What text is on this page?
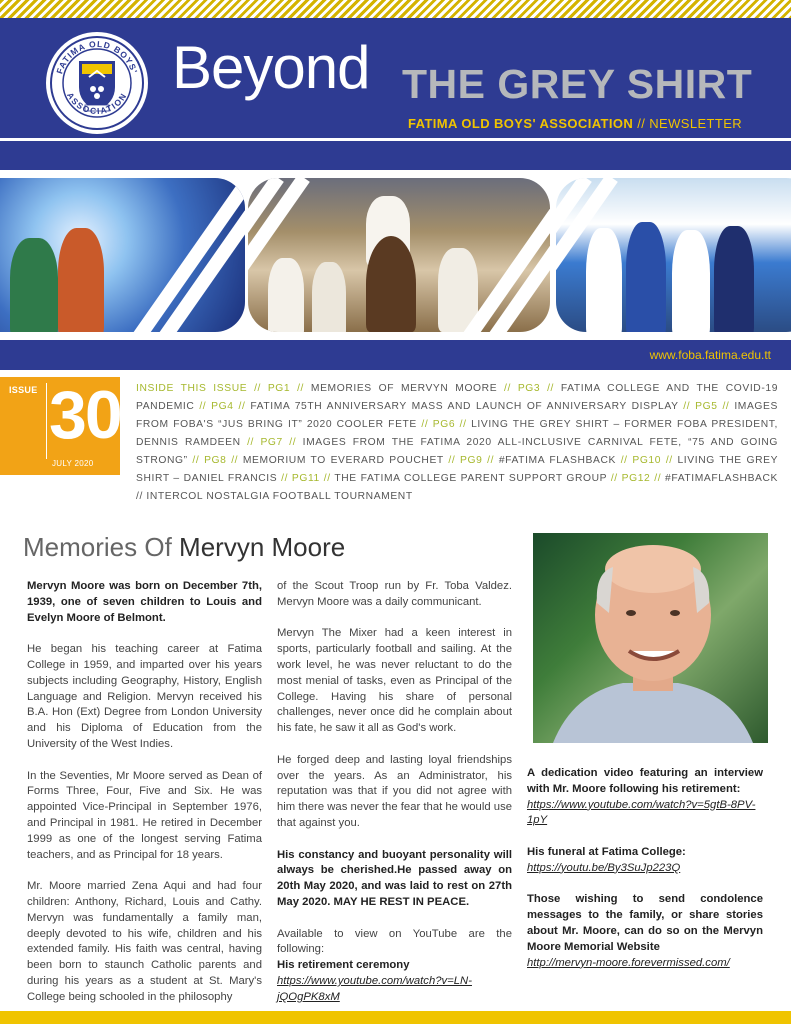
FATIMA OLD BOYS'
ASSOCIATION Beyond THE GREY SHIRT
FATIMA OLD BOYS' ASSOCIATION // NEWSLETTER
www.foba.fatima.edu.tt
ISSUE 30
JULY 2020
INSIDE THIS ISSUE // PG1 // MEMORIES OF MERVYN MOORE // PG3 // FATIMA COLLEGE AND THE COVID-19 PANDEMIC // PG4 // FATIMA 75TH ANNIVERSARY MASS AND LAUNCH OF ANNIVERSARY DISPLAY // PG5 // IMAGES FROM FOBA'S “JUS BRING IT” 2020 COOLER FETE // PG6 // LIVING THE GREY SHIRT – FORMER FOBA PRESIDENT, DENNIS RAMDEEN // PG7 // IMAGES FROM THE FATIMA 2020 ALL-INCLUSIVE CARNIVAL FETE, “75 AND GOING STRONG” // PG8 // MEMORIUM TO EVERARD POUCHET // PG9 // #FATIMA FLASHBACK // PG10 // LIVING THE GREY SHIRT – DANIEL FRANCIS // PG11 // THE FATIMA COLLEGE PARENT SUPPORT GROUP // PG12 // #FATIMAFLASHBACK // INTERCOL NOSTALGIA FOOTBALL TOURNAMENT
Memories Of Mervyn Moore

Mervyn Moore was born on December 7th, 1939, one of seven children to Louis and Evelyn Moore of Belmont.

He began his teaching career at Fatima College in 1959, and imparted over his years subjects including Geography, History, English Language and Religion. Mervyn received his B.A. Hon (Ext) Degree from London University and his Diploma of Education from the University of the West Indies.

In the Seventies, Mr Moore served as Dean of Forms Three, Four, Five and Six. He was appointed Vice-Principal in September 1976, and Principal in 1981. He retired in December 1999 as one of the longest serving Fatima teachers, and as Principal for 18 years.

Mr. Moore married Zena Aqui and had four children: Anthony, Richard, Louis and Cathy. Mervyn was fundamentally a family man, deeply devoted to his wife, children and his extended family. His faith was central, having been born to staunch Catholic parents and during his years as a student at St. Mary's College being schooled in the philosophy

of the Scout Troop run by Fr. Toba Valdez. Mervyn Moore was a daily communicant.

Mervyn The Mixer had a keen interest in sports, particularly football and sailing. At the work level, he was never reluctant to do the most menial of tasks, even as Principal of the College. Having his share of personal challenges, never once did he complain about his fate, he saw it all as God's work.

He forged deep and lasting loyal friendships over the years. As an Administrator, his reputation was that if you did not agree with him there was never the fear that he would use that against you.

His constancy and buoyant personality will always be cherished.He passed away on 20th May 2020, and was laid to rest on 27th May 2020. MAY HE REST IN PEACE.

Available to view on YouTube are the following:
His retirement ceremony
https://www.youtube.com/watch?v=LN-jQOgPK8xM
A dedication video featuring an interview with Mr. Moore following his retirement:
https://www.youtube.com/watch?v=5gtB-8PV-1pY
His funeral at Fatima College:
https://youtu.be/By3SuJp223Q
Those wishing to send condolence messages to the family, or share stories about Mr. Moore, can do so on the Mervyn Moore Memorial Website
http://mervyn-moore.forevermissed.com/
